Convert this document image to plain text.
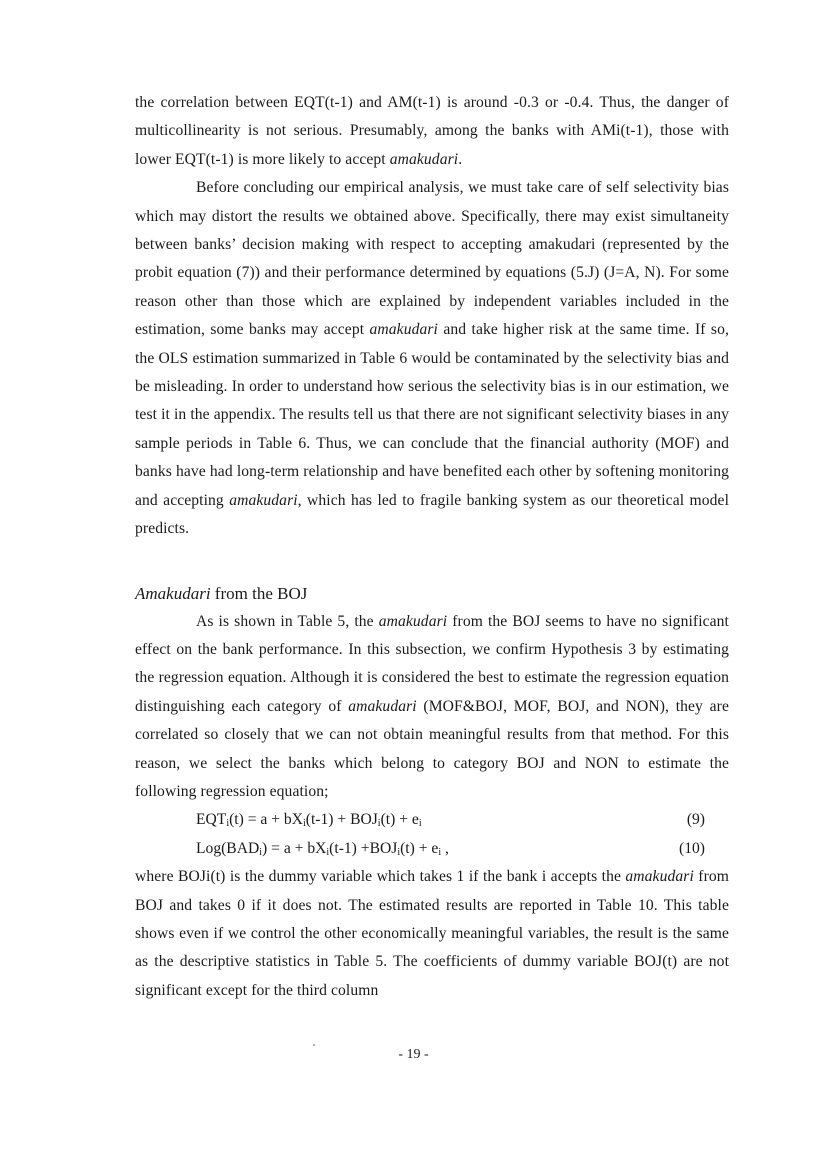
the correlation between EQT(t-1) and AM(t-1) is around -0.3 or -0.4. Thus, the danger of multicollinearity is not serious. Presumably, among the banks with AMi(t-1), those with lower EQT(t-1) is more likely to accept amakudari.

Before concluding our empirical analysis, we must take care of self selectivity bias which may distort the results we obtained above. Specifically, there may exist simultaneity between banks’ decision making with respect to accepting amakudari (represented by the probit equation (7)) and their performance determined by equations (5.J) (J=A, N). For some reason other than those which are explained by independent variables included in the estimation, some banks may accept amakudari and take higher risk at the same time. If so, the OLS estimation summarized in Table 6 would be contaminated by the selectivity bias and be misleading. In order to understand how serious the selectivity bias is in our estimation, we test it in the appendix. The results tell us that there are not significant selectivity biases in any sample periods in Table 6. Thus, we can conclude that the financial authority (MOF) and banks have had long-term relationship and have benefited each other by softening monitoring and accepting amakudari, which has led to fragile banking system as our theoretical model predicts.

Amakudari from the BOJ

As is shown in Table 5, the amakudari from the BOJ seems to have no significant effect on the bank performance. In this subsection, we confirm Hypothesis 3 by estimating the regression equation. Although it is considered the best to estimate the regression equation distinguishing each category of amakudari (MOF&BOJ, MOF, BOJ, and NON), they are correlated so closely that we can not obtain meaningful results from that method. For this reason, we select the banks which belong to category BOJ and NON to estimate the following regression equation;

$EQT_i(t) = a + bX_i(t-1) + BOJ_i(t) + e_i$	(9)
$Log(BAD_i) = a + bX_i(t-1) +BOJ_i(t) + e_i$ ,	(10)

where BOJi(t) is the dummy variable which takes 1 if the bank i accepts the amakudari from BOJ and takes 0 if it does not. The estimated results are reported in Table 10. This table shows even if we control the other economically meaningful variables, the result is the same as the descriptive statistics in Table 5. The coefficients of dummy variable BOJ(t) are not significant except for the third column

- 19 -
